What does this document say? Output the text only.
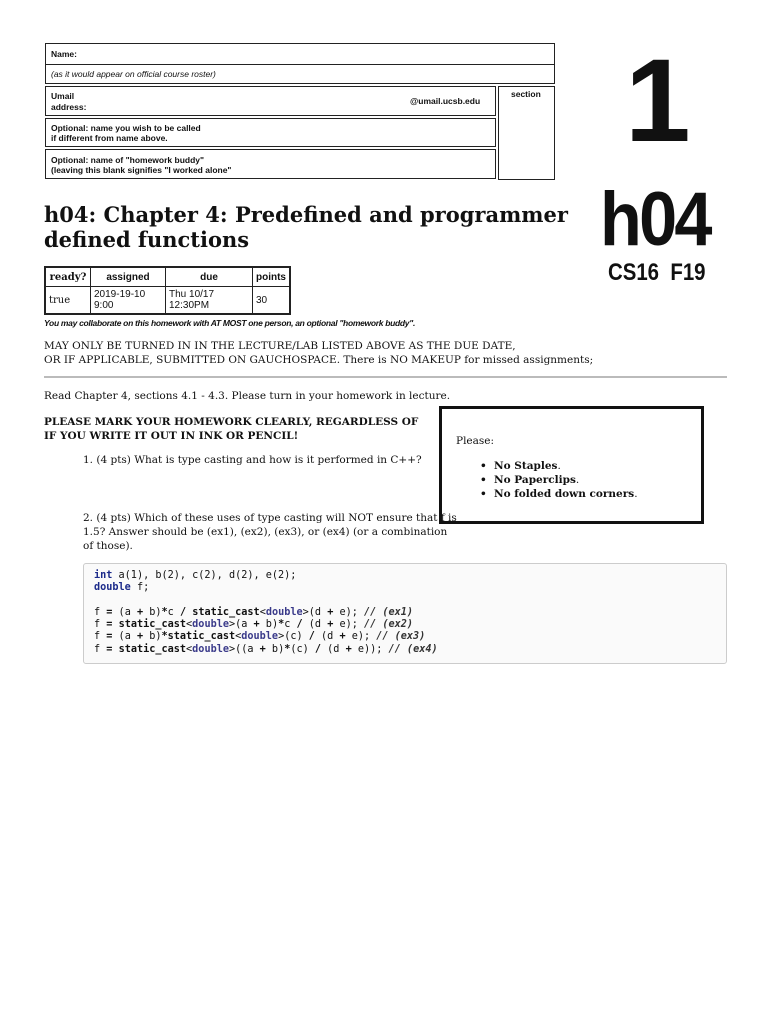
Name:
(as it would appear on official course roster)
Umail
address:
@umail.ucsb.edu
section
Optional: name you wish to be called
if different from name above.
Optional: name of "homework buddy"
(leaving this blank signifies "I worked alone"
1
h04
CS16  F19
h04: Chapter 4: Predefined and programmer
defined functions
ready?	assigned	due	points
true	2019-19-10 9:00	Thu 10/17 12:30PM	30
You may collaborate on this homework with AT MOST one person, an optional "homework buddy".
MAY ONLY BE TURNED IN IN THE LECTURE/LAB LISTED ABOVE AS THE DUE DATE,
OR IF APPLICABLE, SUBMITTED ON GAUCHOSPACE. There is NO MAKEUP for missed assignments;
Read Chapter 4, sections 4.1 - 4.3. Please turn in your homework in lecture.
PLEASE MARK YOUR HOMEWORK CLEARLY, REGARDLESS OF
IF YOU WRITE IT OUT IN INK OR PENCIL!	Please:
•  No Staples.
•  No Paperclips.
•  No folded down corners.
1. (4 pts) What is type casting and how is it performed in C++?
2. (4 pts) Which of these uses of type casting will NOT ensure that f is
1.5? Answer should be (ex1), (ex2), (ex3), or (ex4) (or a combination
of those).
int a(1), b(2), c(2), d(2), e(2);
double f;

f = (a + b)*c / static_cast<double>(d + e); // (ex1)
f = static_cast<double>(a + b)*c / (d + e); // (ex2)
f = (a + b)*static_cast<double>(c) / (d + e); // (ex3)
f = static_cast<double>((a + b)*(c) / (d + e)); // (ex4)
